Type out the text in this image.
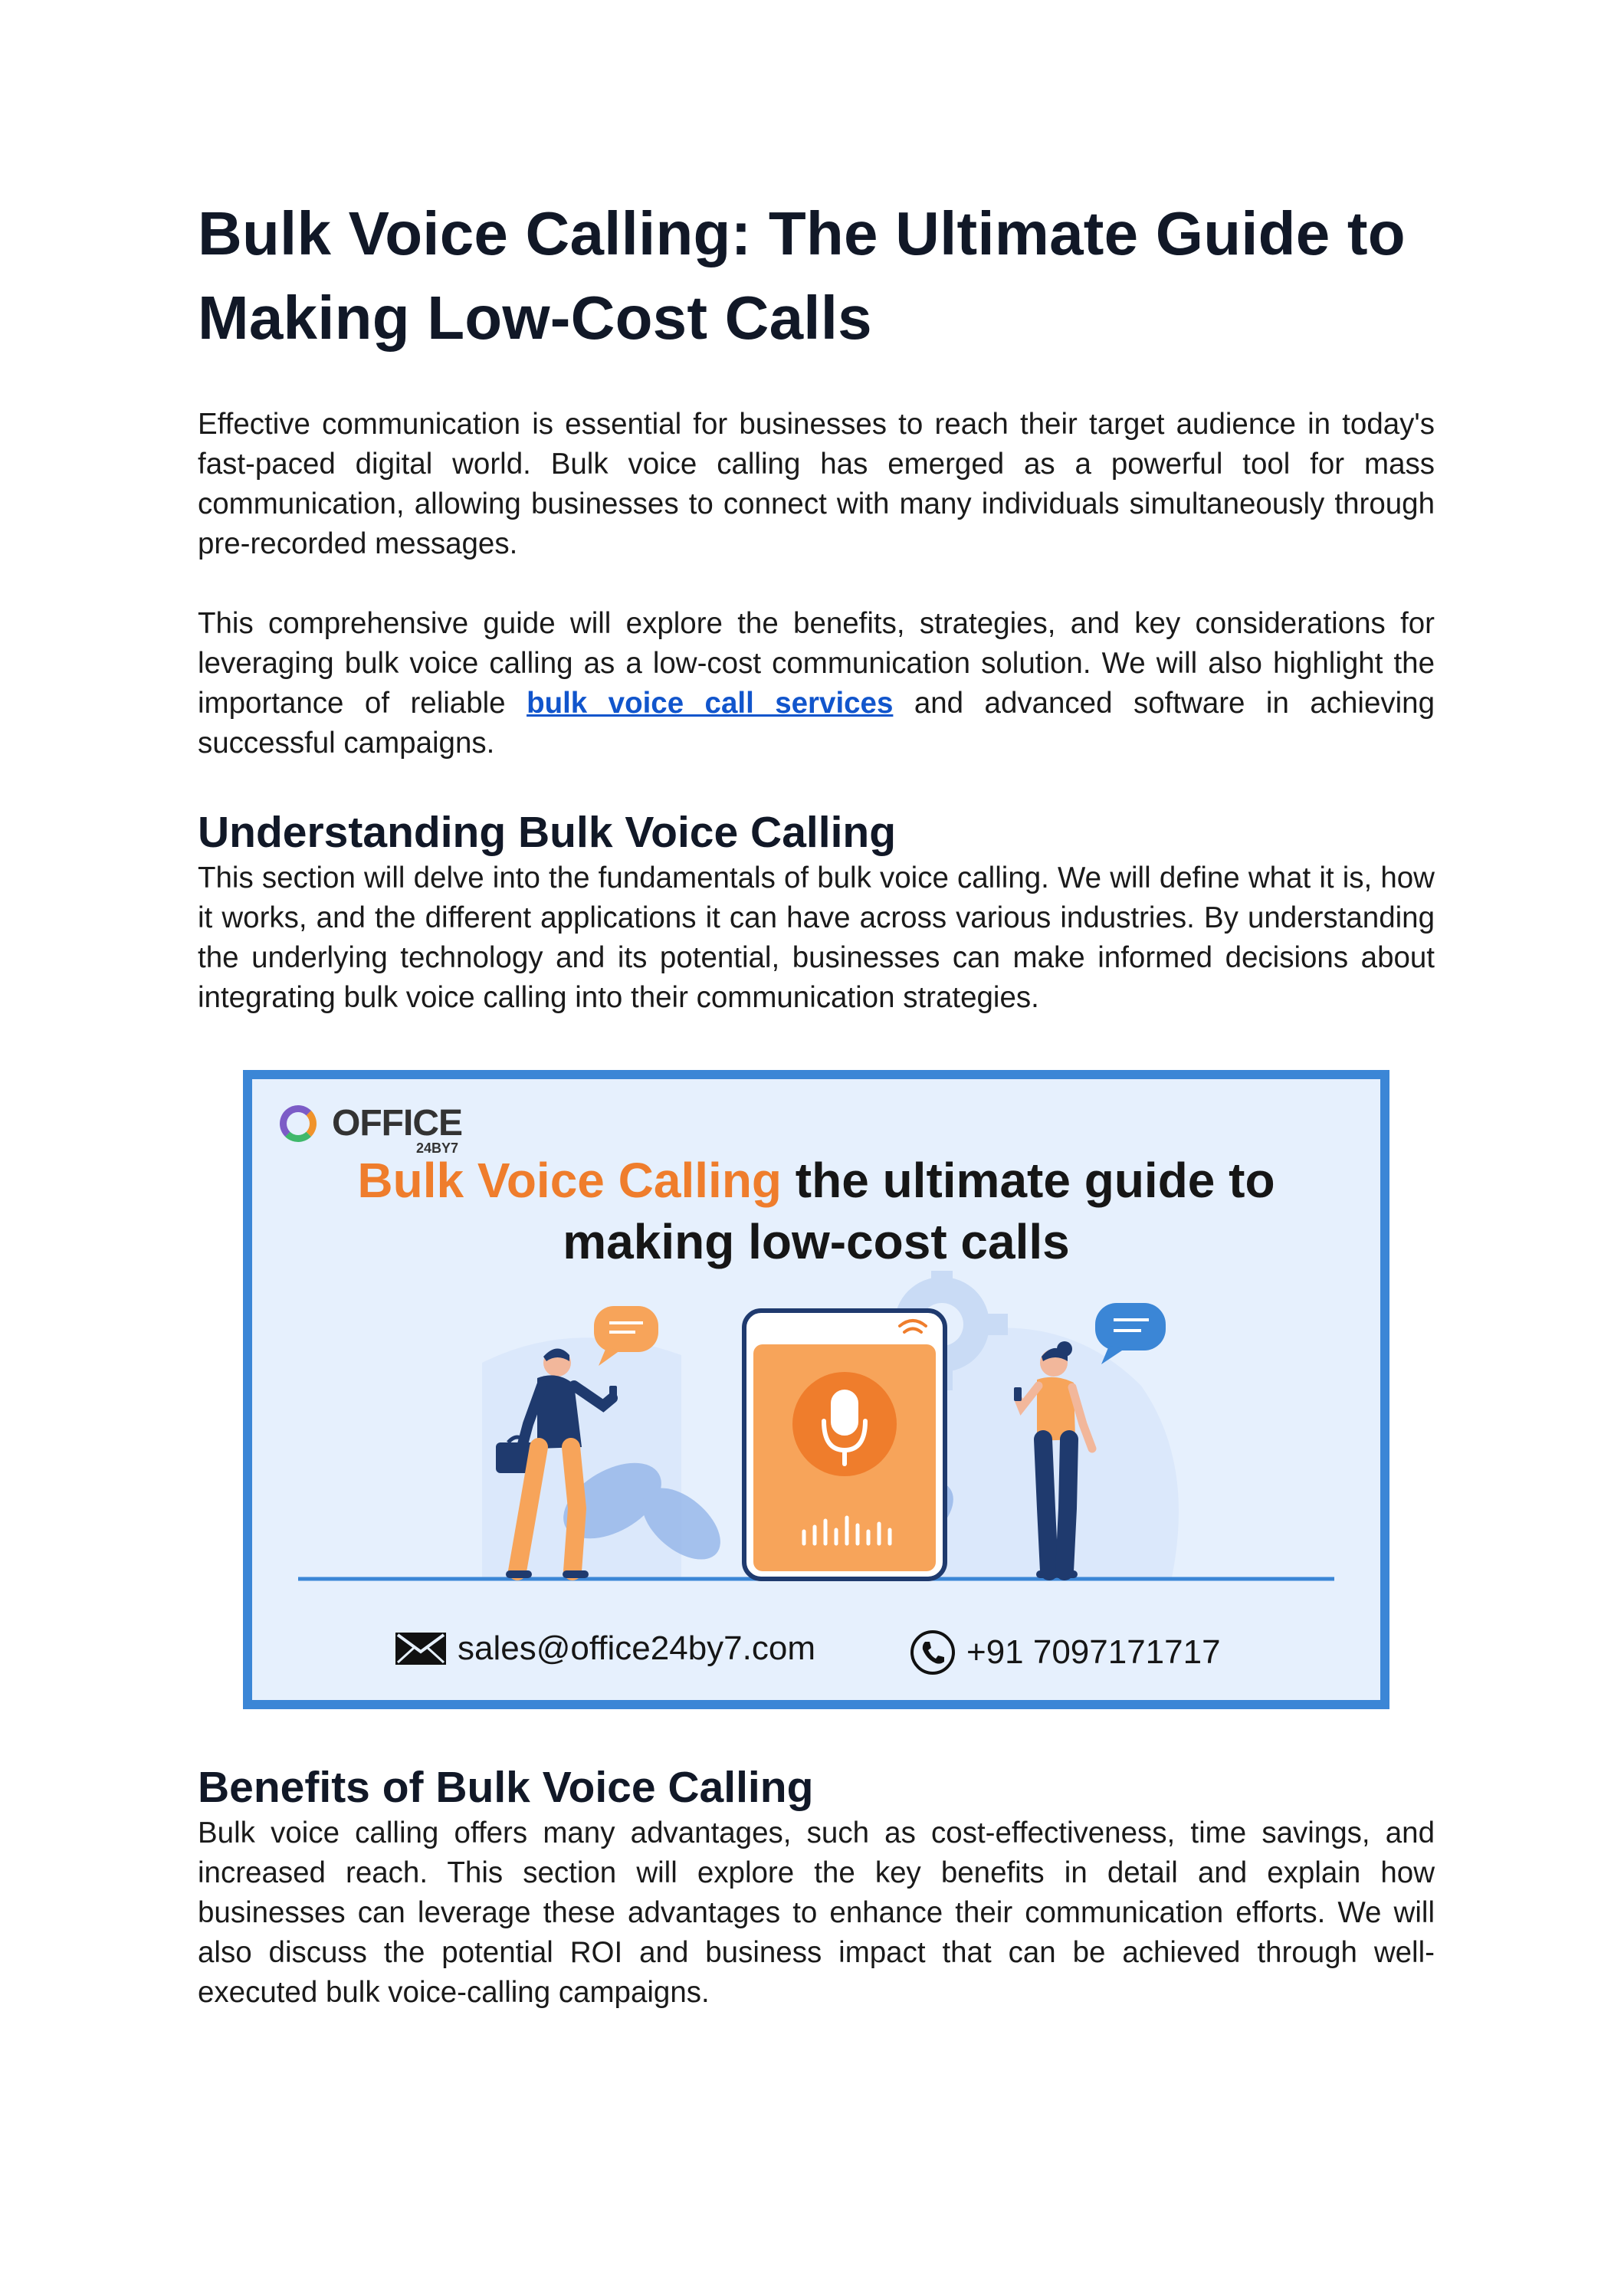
Bulk Voice Calling: The Ultimate Guide to Making Low-Cost Calls

Effective communication is essential for businesses to reach their target audience in today's fast-paced digital world. Bulk voice calling has emerged as a powerful tool for mass communication, allowing businesses to connect with many individuals simultaneously through pre-recorded messages.

This comprehensive guide will explore the benefits, strategies, and key considerations for leveraging bulk voice calling as a low-cost communication solution. We will also highlight the importance of reliable bulk voice call services and advanced software in achieving successful campaigns.

Understanding Bulk Voice Calling

This section will delve into the fundamentals of bulk voice calling. We will define what it is, how it works, and the different applications it can have across various industries. By understanding the underlying technology and its potential, businesses can make informed decisions about integrating bulk voice calling into their communication strategies.

OFFICE
24BY7
Bulk Voice Calling the ultimate guide to
making low-cost calls
sales@office24by7.com	+91 7097171717
Benefits of Bulk Voice Calling

Bulk voice calling offers many advantages, such as cost-effectiveness, time savings, and increased reach. This section will explore the key benefits in detail and explain how businesses can leverage these advantages to enhance their communication efforts. We will also discuss the potential ROI and business impact that can be achieved through well-executed bulk voice-calling campaigns.
